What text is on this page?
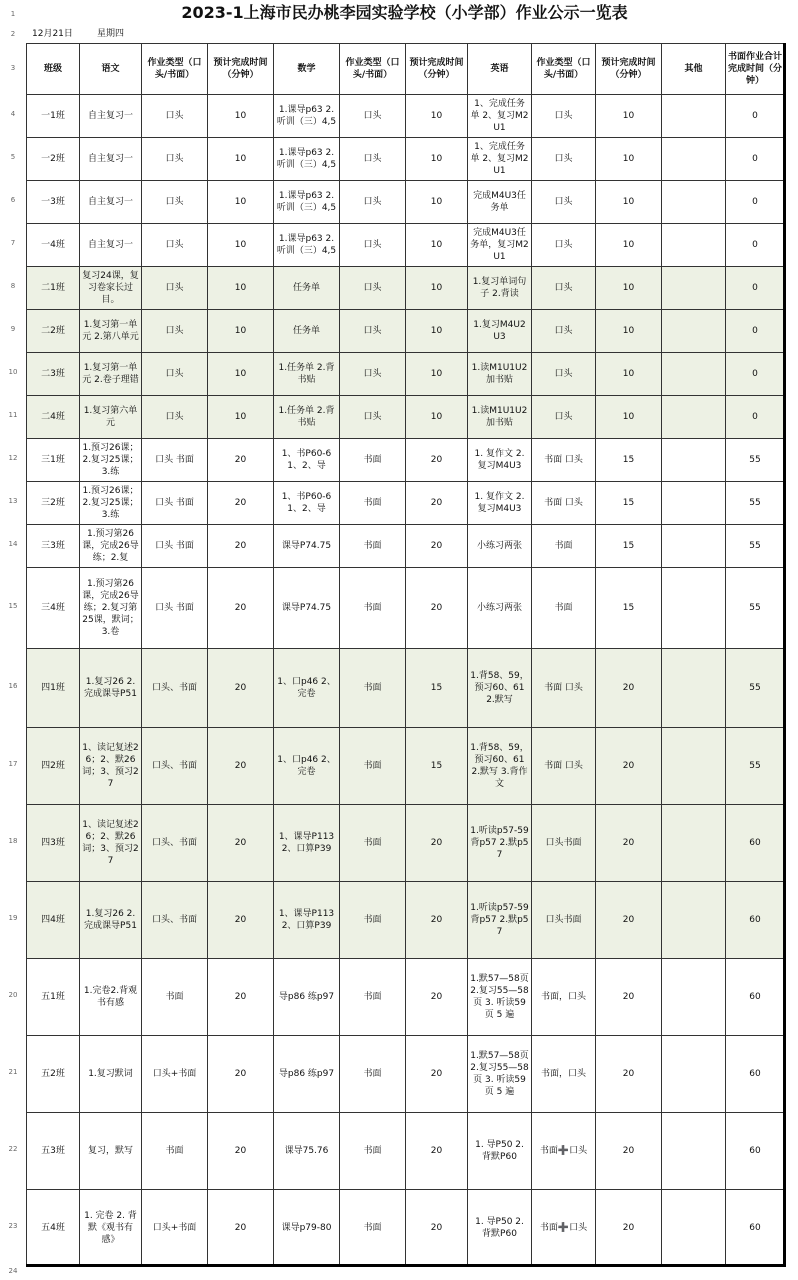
1
2
3
4
5
6
7
8
9
10
11
12
13
14
15
16
17
18
19
20
21
22
23
24
2023-1上海市民办桃李园实验学校（小学部）作业公示一览表
12月21日	星期四
班级	语文	作业类型（口头/书面）	预计完成时间（分钟）	数学	作业类型（口头/书面）	预计完成时间（分钟）	英语	作业类型（口头/书面）	预计完成时间（分钟）	其他	书面作业合计完成时间（分钟）

一1班	自主复习一	口头	10	1.课导p63 2.听训（三）4,5	口头	10	1、完成任务单 2、复习M2U1	口头	10		0

一2班	自主复习一	口头	10	1.课导p63 2.听训（三）4,5	口头	10	1、完成任务单 2、复习M2U1	口头	10		0

一3班	自主复习一	口头	10	1.课导p63 2.听训（三）4,5	口头	10	完成M4U3任务单	口头	10		0

一4班	自主复习一	口头	10	1.课导p63 2.听训（三）4,5	口头	10	完成M4U3任务单，复习M2U1	口头	10		0

二1班	复习24课，复习卷家长过目。	口头	10	任务单	口头	10	1.复习单词句子 2.背读	口头	10		0

二2班	1.复习第一单元 2.第八单元	口头	10	任务单	口头	10	1.复习M4U2 U3	口头	10		0

二3班	1.复习第一单元 2.卷子理错	口头	10	1.任务单 2.背书贴	口头	10	1.读M1U1U2加书贴	口头	10		0

二4班	1.复习第六单元	口头	10	1.任务单 2.背书贴	口头	10	1.读M1U1U2加书贴	口头	10		0

三1班	1.预习26课；2.复习25课；3.练	口头 书面	20	1、书P60-61、2、导	书面	20	1. 复作文 2. 复习M4U3	书面 口头	15		55

三2班	1.预习26课；2.复习25课；3.练	口头 书面	20	1、书P60-61、2、导	书面	20	1. 复作文 2. 复习M4U3	书面 口头	15		55

三3班	1.预习第26课，完成26导练；2.复	口头 书面	20	课导P74.75	书面	20	小练习两张	书面	15		55

三4班	1.预习第26课，完成26导练；2.复习第25课，默词；3.卷	口头 书面	20	课导P74.75	书面	20	小练习两张	书面	15		55

四1班	1.复习26 2.完成课导P51	口头、书面	20	1、口p46 2、完卷	书面	15	1.背58、59，预习60、61 2.默写	书面 口头	20		55

四2班	1、读记复述26；2、默26词；3、预习27	口头、书面	20	1、口p46 2、完卷	书面	15	1.背58、59，预习60、61 2.默写 3.背作文	书面 口头	20		55

四3班	1、读记复述26；2、默26词；3、预习27	口头、书面	20	1、课导P113 2、口算P39	书面	20	1.听读p57-59背p57 2.默p57	口头书面	20		60

四4班	1.复习26 2.完成课导P51	口头、书面	20	1、课导P113 2、口算P39	书面	20	1.听读p57-59背p57 2.默p57	口头书面	20		60

五1班	1.完卷2.背观书有感	书面	20	导p86 练p97	书面	20	1.默57—58页 2.复习55—58页 3. 听读59页 5 遍	书面，口头	20		60

五2班	1.复习默词	口头+书面	20	导p86 练p97	书面	20	1.默57—58页 2.复习55—58页 3. 听读59页 5 遍	书面，口头	20		60

五3班	复习，默写	书面	20	课导75.76	书面	20	1. 导P50 2. 背默P60	书面➕口头	20		60

五4班	1. 完卷 2. 背默《观书有感》	口头+书面	20	课导p79-80	书面	20	1. 导P50 2. 背默P60	书面➕口头	20		60
